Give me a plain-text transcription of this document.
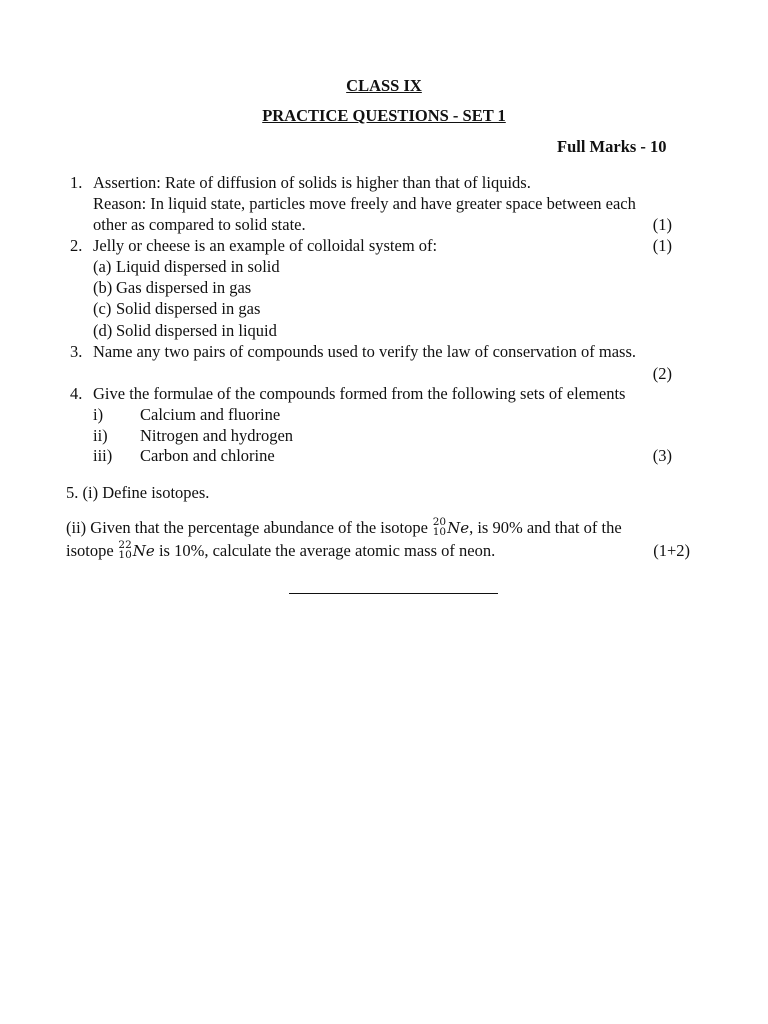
CLASS IX
PRACTICE QUESTIONS - SET 1
Full Marks - 10
1. Assertion: Rate of diffusion of solids is higher than that of liquids.
Reason: In liquid state, particles move freely and have greater space between each
other as compared to solid state.	(1)
2. Jelly or cheese is an example of colloidal system of:	(1)
(a) Liquid dispersed in solid
(b) Gas dispersed in gas
(c) Solid dispersed in gas
(d) Solid dispersed in liquid
3. Name any two pairs of compounds used to verify the law of conservation of mass.
(2)
4. Give the formulae of the compounds formed from the following sets of elements
i) Calcium and fluorine
ii) Nitrogen and hydrogen
iii) Carbon and chlorine	(3)
5. (i) Define isotopes.
(ii) Given that the percentage abundance of the isotope 20
10 Ne, is 90% and that of the
isotope 22
10 Ne is 10%, calculate the average atomic mass of neon.	(1+2)
